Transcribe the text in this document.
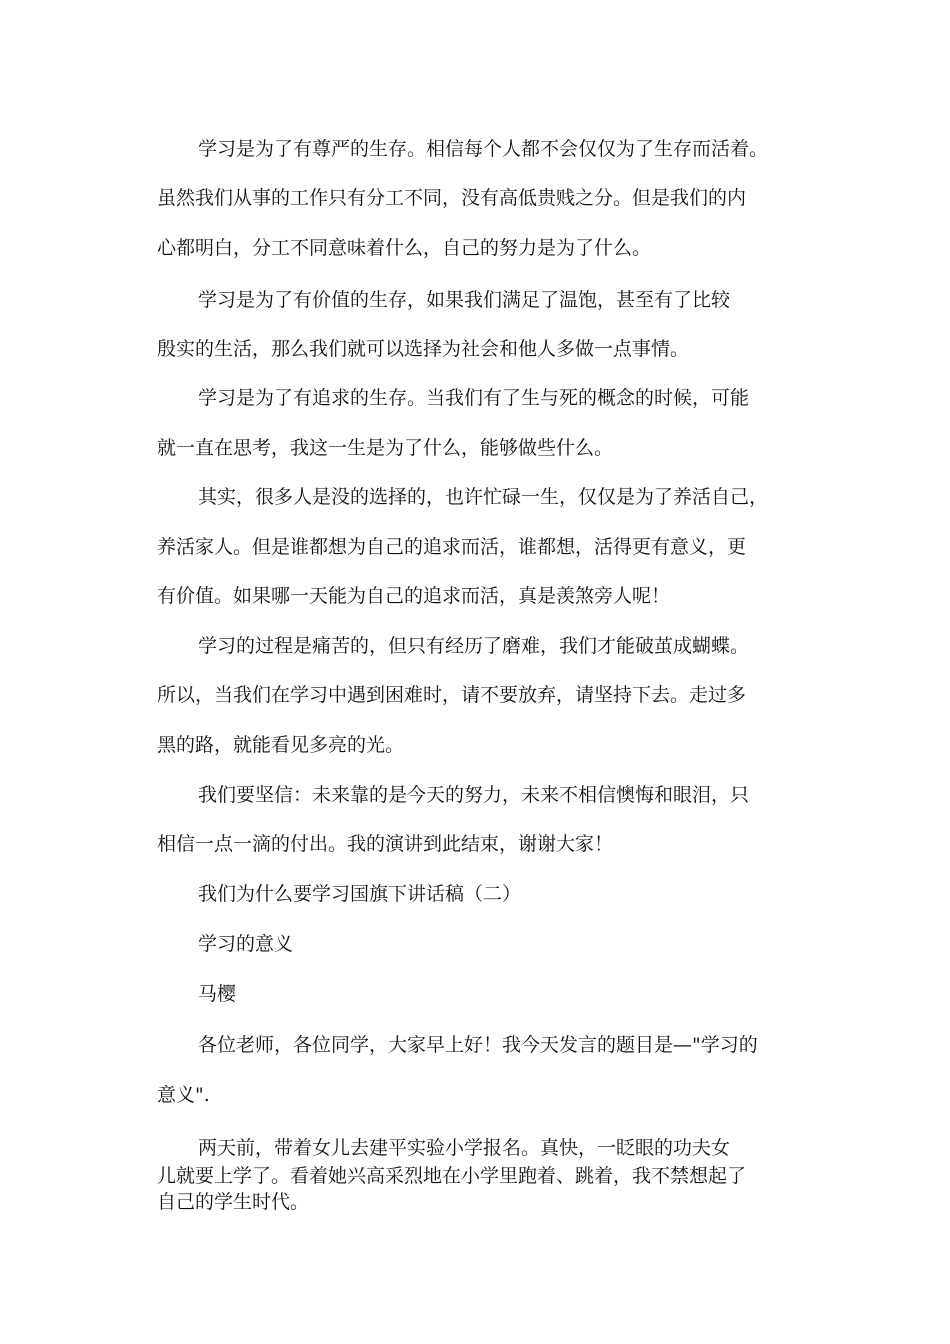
学习是为了有尊严的生存。相信每个人都不会仅仅为了生存而活着。

虽然我们从事的工作只有分工不同，没有高低贵贱之分。但是我们的内

心都明白，分工不同意味着什么，自己的努力是为了什么。

学习是为了有价值的生存，如果我们满足了温饱，甚至有了比较

殷实的生活，那么我们就可以选择为社会和他人多做一点事情。

学习是为了有追求的生存。当我们有了生与死的概念的时候，可能

就一直在思考，我这一生是为了什么，能够做些什么。

其实，很多人是没的选择的，也许忙碌一生，仅仅是为了养活自己，

养活家人。但是谁都想为自己的追求而活，谁都想，活得更有意义，更

有价值。如果哪一天能为自己的追求而活，真是羡煞旁人呢！

学习的过程是痛苦的，但只有经历了磨难，我们才能破茧成蝴蝶。

所以，当我们在学习中遇到困难时，请不要放弃，请坚持下去。走过多

黑的路，就能看见多亮的光。

我们要坚信：未来靠的是今天的努力，未来不相信懊悔和眼泪，只

相信一点一滴的付出。我的演讲到此结束，谢谢大家！

我们为什么要学习国旗下讲话稿（二）

学习的意义

马樱

各位老师，各位同学，大家早上好！我今天发言的题目是—"学习的

意义".

两天前，带着女儿去建平实验小学报名。真快，一眨眼的功夫女

儿就要上学了。看着她兴高采烈地在小学里跑着、跳着，我不禁想起了

自己的学生时代。
